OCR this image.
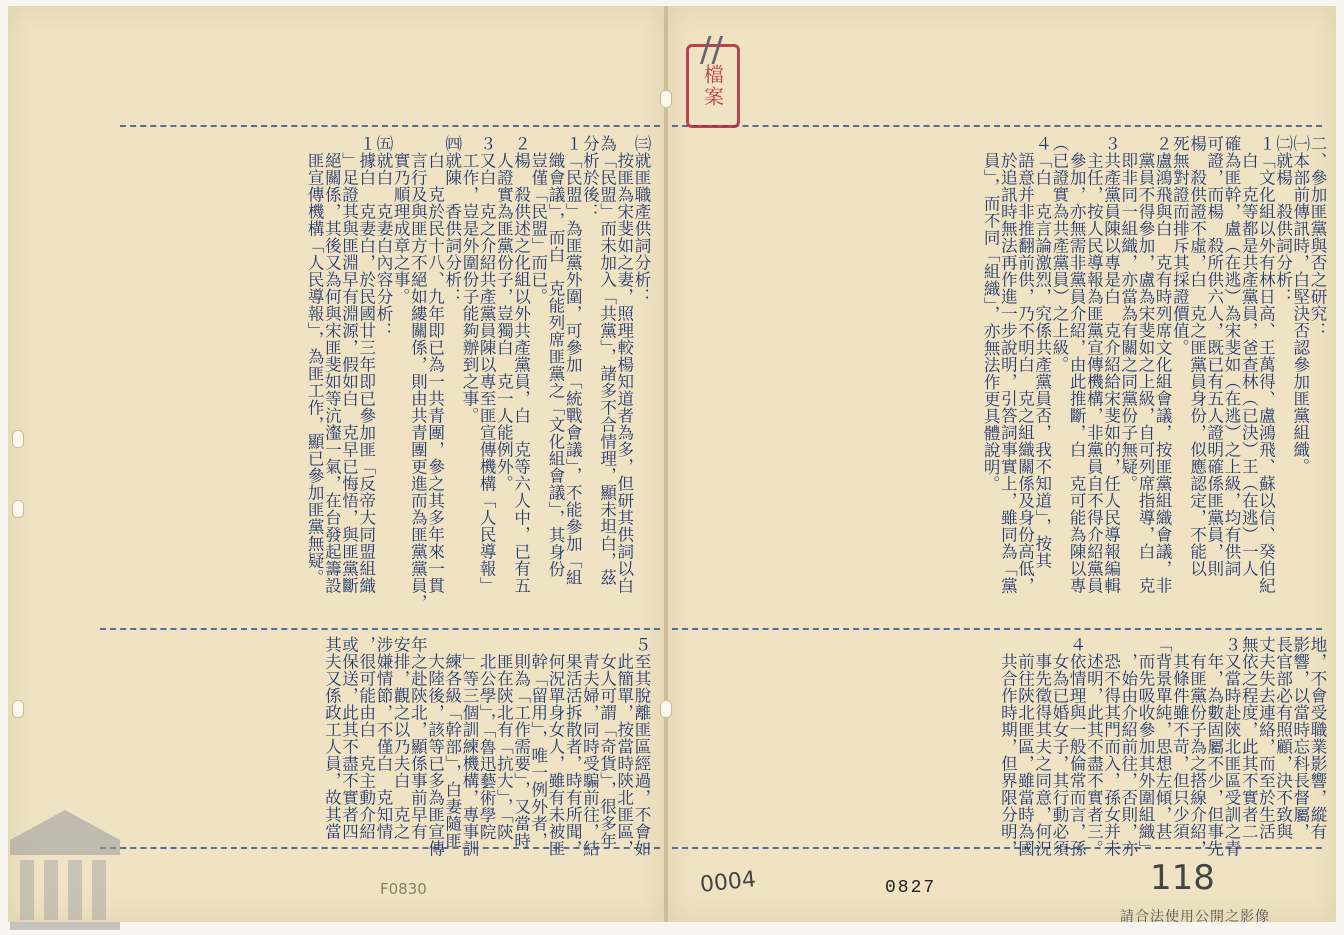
二、參加匪黨與否之研究：
㈠本部前傳訊時，白堅決否認參加匪黨組織。
㈡就楊　殺供詞分析：
１「文化組以外有林日高、王萬得、盧鴻飛、蘇以信、癸伯紀
　白　克等都是共產黨員，爸查林（已決）王（在逃）一人
確為匪幹，盧（在逃）為宋斐如（在逃）之上級，均有供詞
可證，而楊　殺所供六人，既已有五人證明確係匪黨員，則
楊　殺供證不虛，白　克之匪黨員身份，似應認定，不能以
死無對證而排斥其採證價值。
２盧鴻飛與白　克有時列席文化組會議，按匪黨組織會議，非
　黨員不得參加，盧為宋斐如之上級，自可列席指導，白　克
　即非同一組織，亦當為有關之同黨份子無疑。
３共產黨員陳以專是白　克介紹給宋斐如的，任人民導報編輯
　主任，按人民導報為匪黨宣傳機構，非黨員自不得介紹黨員
　參加，亦無需非黨員介紹，由此推斷，白　克可能為陳以專
（已證實為共產黨員）之上級。
４「白　克言論激烈，究係共產黨員否，我不知道」，按其
　語意并非推翻前供，乃不明白　克之組織關係及身份高低，
　於追訊時無法再作進一步說明，引答詞事實上，雖同為「黨
　員」，而不同「組織」，亦無法作更具體說明。
地，不會受職業影響，縱有
影響，以當時忘科長督屬，
長官部必有照顧，決不致與
丈夫失去連絡，而至於生活
無依之程度，此其不實者二
３又當時赴陝北匪區受訓之青
　年，為數固屬不少，但事先
　有匪黨份子為之搭線介紹，
　其條件雖不苛，但只少須
「背景單純，思想左傾，甚
　而先吸收參加其外圍組織」
　，始由介紹前往，否則，亦
　恐不得其門而入，孫女并未
　述明，此其不盡不實者三。
４依情理與一般倫常而言，孫
　女為已婚女子，其行動必須
　事先徵得其夫之同意，何況
　前往陝北匪區，雖當時為國
　共合作時期，但界限分明，
㈢就匪職產供詞分析：
　按匪為宋斐如之妻，照理較楊知道者為多，但研其供詞以白
為「民盟」而未加入「共黨」，諸多不合情理，顯未坦白，茲
分析於後：
１「民盟」為匪黨外圍，可參加「統戰會議」，不能參加「組
　織會議」，而白　克能列席匪黨之「文化組會議」，其身份
　豈僅「民盟」而已。
２楊　殺供述之化組以外共產黨員，白　克等六人中，已有五
　人證實為匪黨份子，豈獨白　克一人能例外。
３又白　克之介紹共產黨員陳以專至匪宣傳機構「人民導報」
　工作，豈是外圍份子能夠辦到之事。
㈣就陳　香供詞分析：
　白　克於民十八、九年即已為一共青團，參之其多年來一貫
　言行及與匪方不絕如縷關係，則由共青團更進而為匪黨黨員，
　實乃順理成章之事。
㈤就白　克妻白內容分析：
１據白　克妻白，於民國廿三年即已參加匪「反帝大同盟組織
　」足證其與匪淵早有淵源，假如白　克早已悔悟，與匪黨斷
　絕關係，其後又為何與宋匪斐如等沆瀣一氣，在台發起籌設
　匪宣傳機構「人民導報」，為匪工作，顯已參加匪黨無疑。
５至其脫離匪區經過，不會如
　此簡單，按當時陝北匪區，
　女人可謂「奇貨」，很多年
　青夫婦，同時受騙前往，結
　果活活拆散者，時有所聞，
　何況單身女人，雖有未被匪
　幹「留用」，唯一例外者，
　則為「工作需要」，又當時
　匪在陝北有「抗大」，「陝
　北公學」，「魯迅藝術學院
　」等三個訓練機構，專事訓
　練各級「幹部」，白妻隨匪
　大陸後，該等已多為匪宣傳
年之赴陝北，顯係事前早有
安排，觀之以乃夫白　克之
涉嫌情節，不僅白　克知情
，很可能由白　克主動介紹
或保送，此其不盡不實者四
其夫又係政工人員，故其當
檔案
//
118
0004
F0830	0827
請合法使用公開之影像
